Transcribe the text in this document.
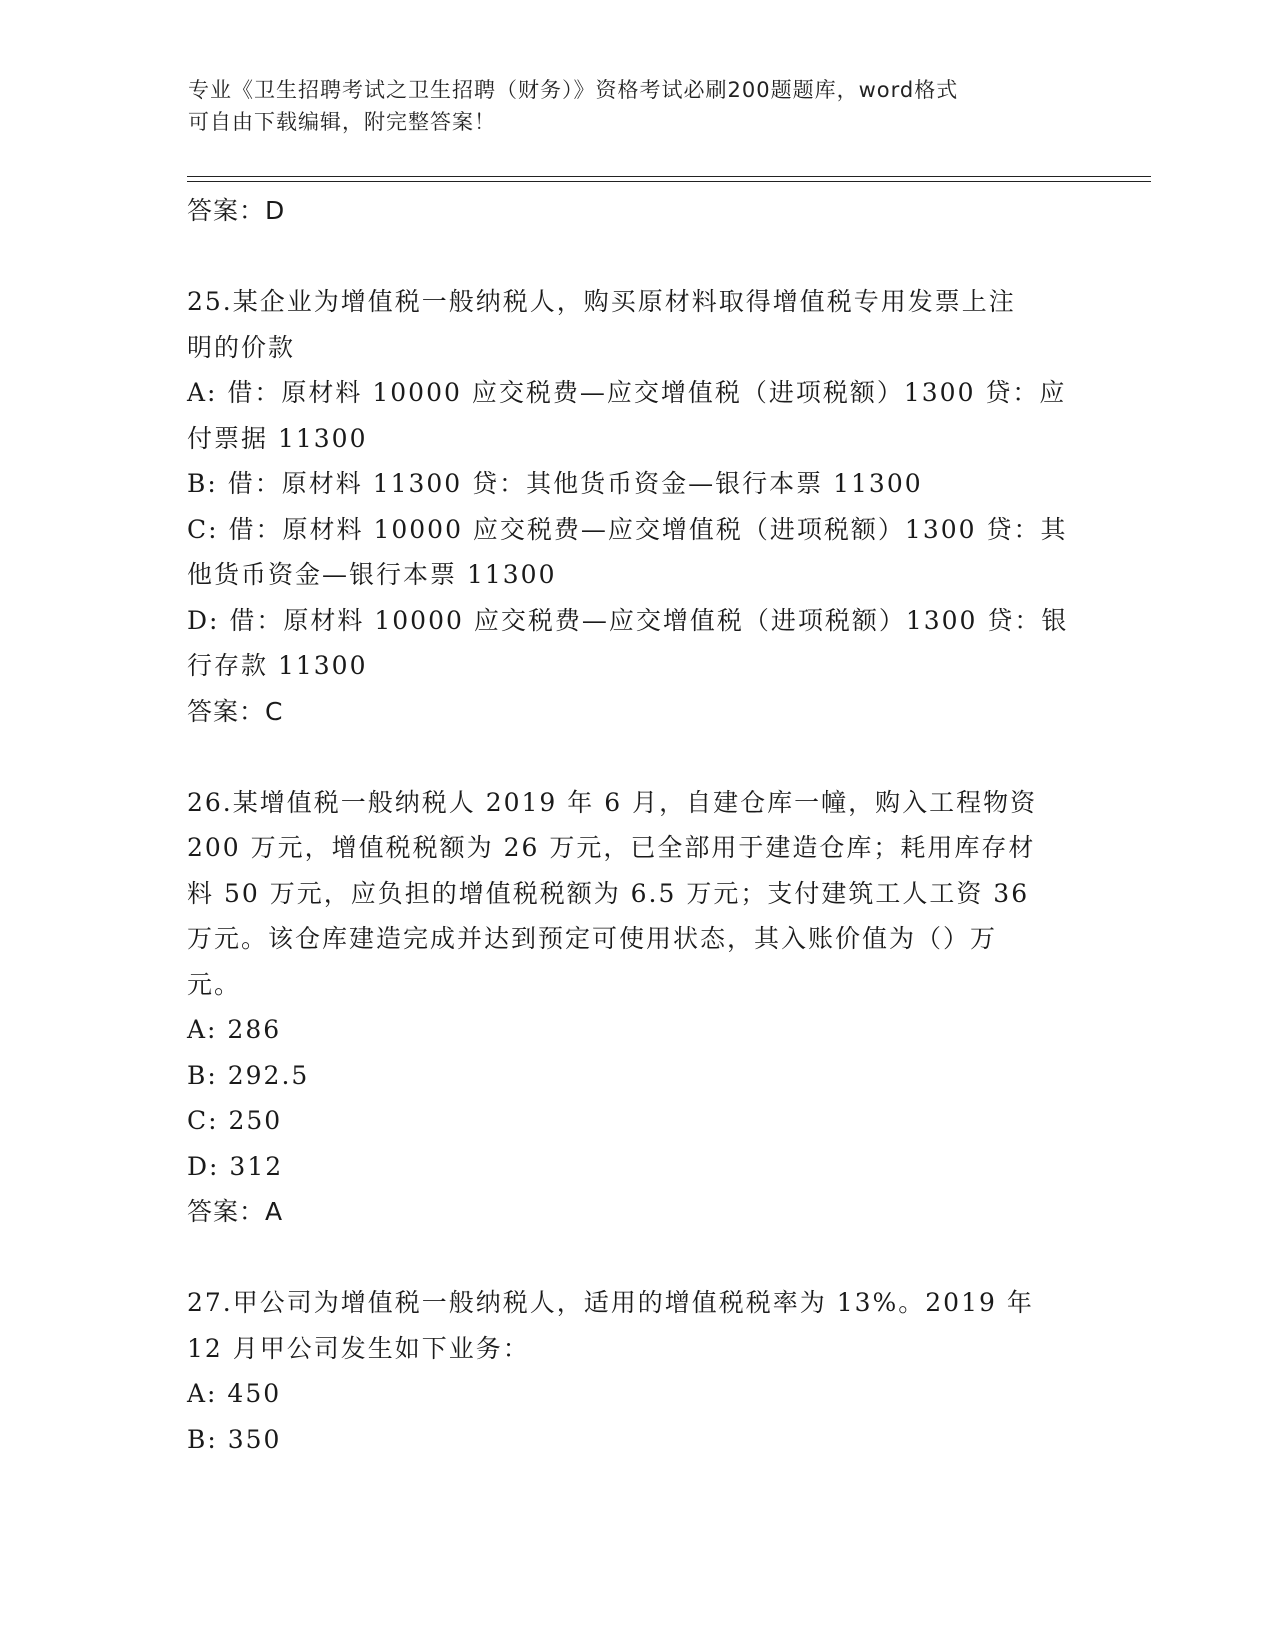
专业《卫生招聘考试之卫生招聘（财务）》资格考试必刷200题题库，word格式
可自由下载编辑，附完整答案！
答案：D
25.某企业为增值税一般纳税人，购买原材料取得增值税专用发票上注
明的价款
A: 借：原材料 10000 应交税费—应交增值税（进项税额）1300 贷：应
付票据 11300
B: 借：原材料 11300 贷：其他货币资金—银行本票 11300
C: 借：原材料 10000 应交税费—应交增值税（进项税额）1300 贷：其
他货币资金—银行本票 11300
D: 借：原材料 10000 应交税费—应交增值税（进项税额）1300 贷：银
行存款 11300
答案：C
26.某增值税一般纳税人 2019 年 6 月，自建仓库一幢，购入工程物资
200 万元，增值税税额为 26 万元，已全部用于建造仓库；耗用库存材
料 50 万元，应负担的增值税税额为 6.5 万元；支付建筑工人工资 36
万元。该仓库建造完成并达到预定可使用状态，其入账价值为（）万
元。
A: 286
B: 292.5
C: 250
D: 312
答案：A
27.甲公司为增值税一般纳税人，适用的增值税税率为 13%。2019 年
12 月甲公司发生如下业务：
A: 450
B: 350
